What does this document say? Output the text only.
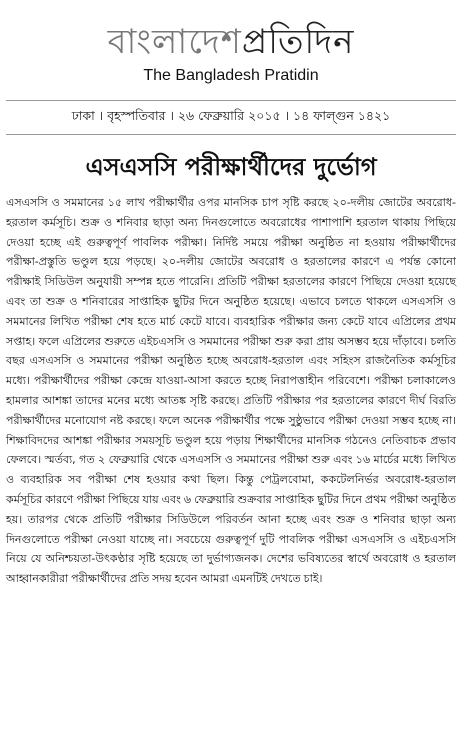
বাংলাদেশপ্রতিদিন
The Bangladesh Pratidin
ঢাকা । বৃহস্পতিবার । ২৬ ফেব্রুয়ারি ২০১৫ । ১৪ ফাল্গুন ১৪২১
এসএসসি পরীক্ষার্থীদের দুর্ভোগ

এসএসসি ও সমমানের ১৫ লাখ পরীক্ষার্থীর ওপর মানসিক চাপ সৃষ্টি করছে ২০-দলীয় জোটের অবরোধ-হরতাল কর্মসূচি। শুক্র ও শনিবার ছাড়া অন্য দিনগুলোতে অবরোধের পাশাপাশি হরতাল থাকায় পিছিয়ে দেওয়া হচ্ছে এই গুরুত্বপূর্ণ পাবলিক পরীক্ষা। নির্দিষ্ট সময়ে পরীক্ষা অনুষ্ঠিত না হওয়ায় পরীক্ষার্থীদের পরীক্ষা-প্রস্তুতি ভণ্ডুল হয়ে পড়ছে। ২০-দলীয় জোটের অবরোধ ও হরতালের কারণে এ পর্যন্ত কোনো পরীক্ষাই সিডিউল অনুযায়ী সম্পন্ন হতে পারেনি। প্রতিটি পরীক্ষা হরতালের কারণে পিছিয়ে দেওয়া হয়েছে এবং তা শুক্র ও শনিবারের সাপ্তাহিক ছুটির দিনে অনুষ্ঠিত হয়েছে। এভাবে চলতে থাকলে এসএসসি ও সমমানের লিখিত পরীক্ষা শেষ হতে মার্চ কেটে যাবে। ব্যবহারিক পরীক্ষার জন্য কেটে যাবে এপ্রিলের প্রথম সপ্তাহ। ফলে এপ্রিলের শুরুতে এইচএসসি ও সমমানের পরীক্ষা শুরু করা প্রায় অসম্ভব হয়ে দাঁড়াবে। চলতি বছর এসএসসি ও সমমানের পরীক্ষা অনুষ্ঠিত হচ্ছে অবরোধ-হরতাল এবং সহিংস রাজনৈতিক কর্মসূচির মধ্যে। পরীক্ষার্থীদের পরীক্ষা কেন্দ্রে যাওয়া-আসা করতে হচ্ছে নিরাপত্তাহীন পরিবেশে। পরীক্ষা চলাকালেও হামলার আশঙ্কা তাদের মনের মধ্যে আতঙ্ক সৃষ্টি করছে। প্রতিটি পরীক্ষার পর হরতালের কারণে দীর্ঘ বিরতি পরীক্ষার্থীদের মনোযোগ নষ্ট করছে। ফলে অনেক পরীক্ষার্থীর পক্ষে সুষ্ঠুভাবে পরীক্ষা দেওয়া সম্ভব হচ্ছে না। শিক্ষাবিদদের আশঙ্কা পরীক্ষার সময়সূচি ভণ্ডুল হয়ে পড়ায় শিক্ষার্থীদের মানসিক গঠনেও নেতিবাচক প্রভাব ফেলবে। স্মর্তব্য, গত ২ ফেব্রুয়ারি থেকে এসএসসি ও সমমানের পরীক্ষা শুরু এবং ১৬ মার্চের মধ্যে লিখিত ও ব্যবহারিক সব পরীক্ষা শেষ হওয়ার কথা ছিল। কিন্তু পেট্রলবোমা, ককটেলনির্ভর অবরোধ-হরতাল কর্মসূচির কারণে পরীক্ষা পিছিয়ে যায় এবং ৬ ফেব্রুয়ারি শুক্রবার সাপ্তাহিক ছুটির দিনে প্রথম পরীক্ষা অনুষ্ঠিত হয়। তারপর থেকে প্রতিটি পরীক্ষার সিডিউলে পরিবর্তন আনা হচ্ছে এবং শুক্র ও শনিবার ছাড়া অন্য দিনগুলোতে পরীক্ষা নেওয়া যাচ্ছে না। সবচেয়ে গুরুত্বপূর্ণ দুটি পাবলিক পরীক্ষা এসএসসি ও এইচএসসি নিয়ে যে অনিশ্চয়তা-উৎকণ্ঠার সৃষ্টি হয়েছে তা দুর্ভাগ্যজনক। দেশের ভবিষ্যতের স্বার্থে অবরোধ ও হরতাল আহ্বানকারীরা পরীক্ষার্থীদের প্রতি সদয় হবেন আমরা এমনটিই দেখতে চাই।
